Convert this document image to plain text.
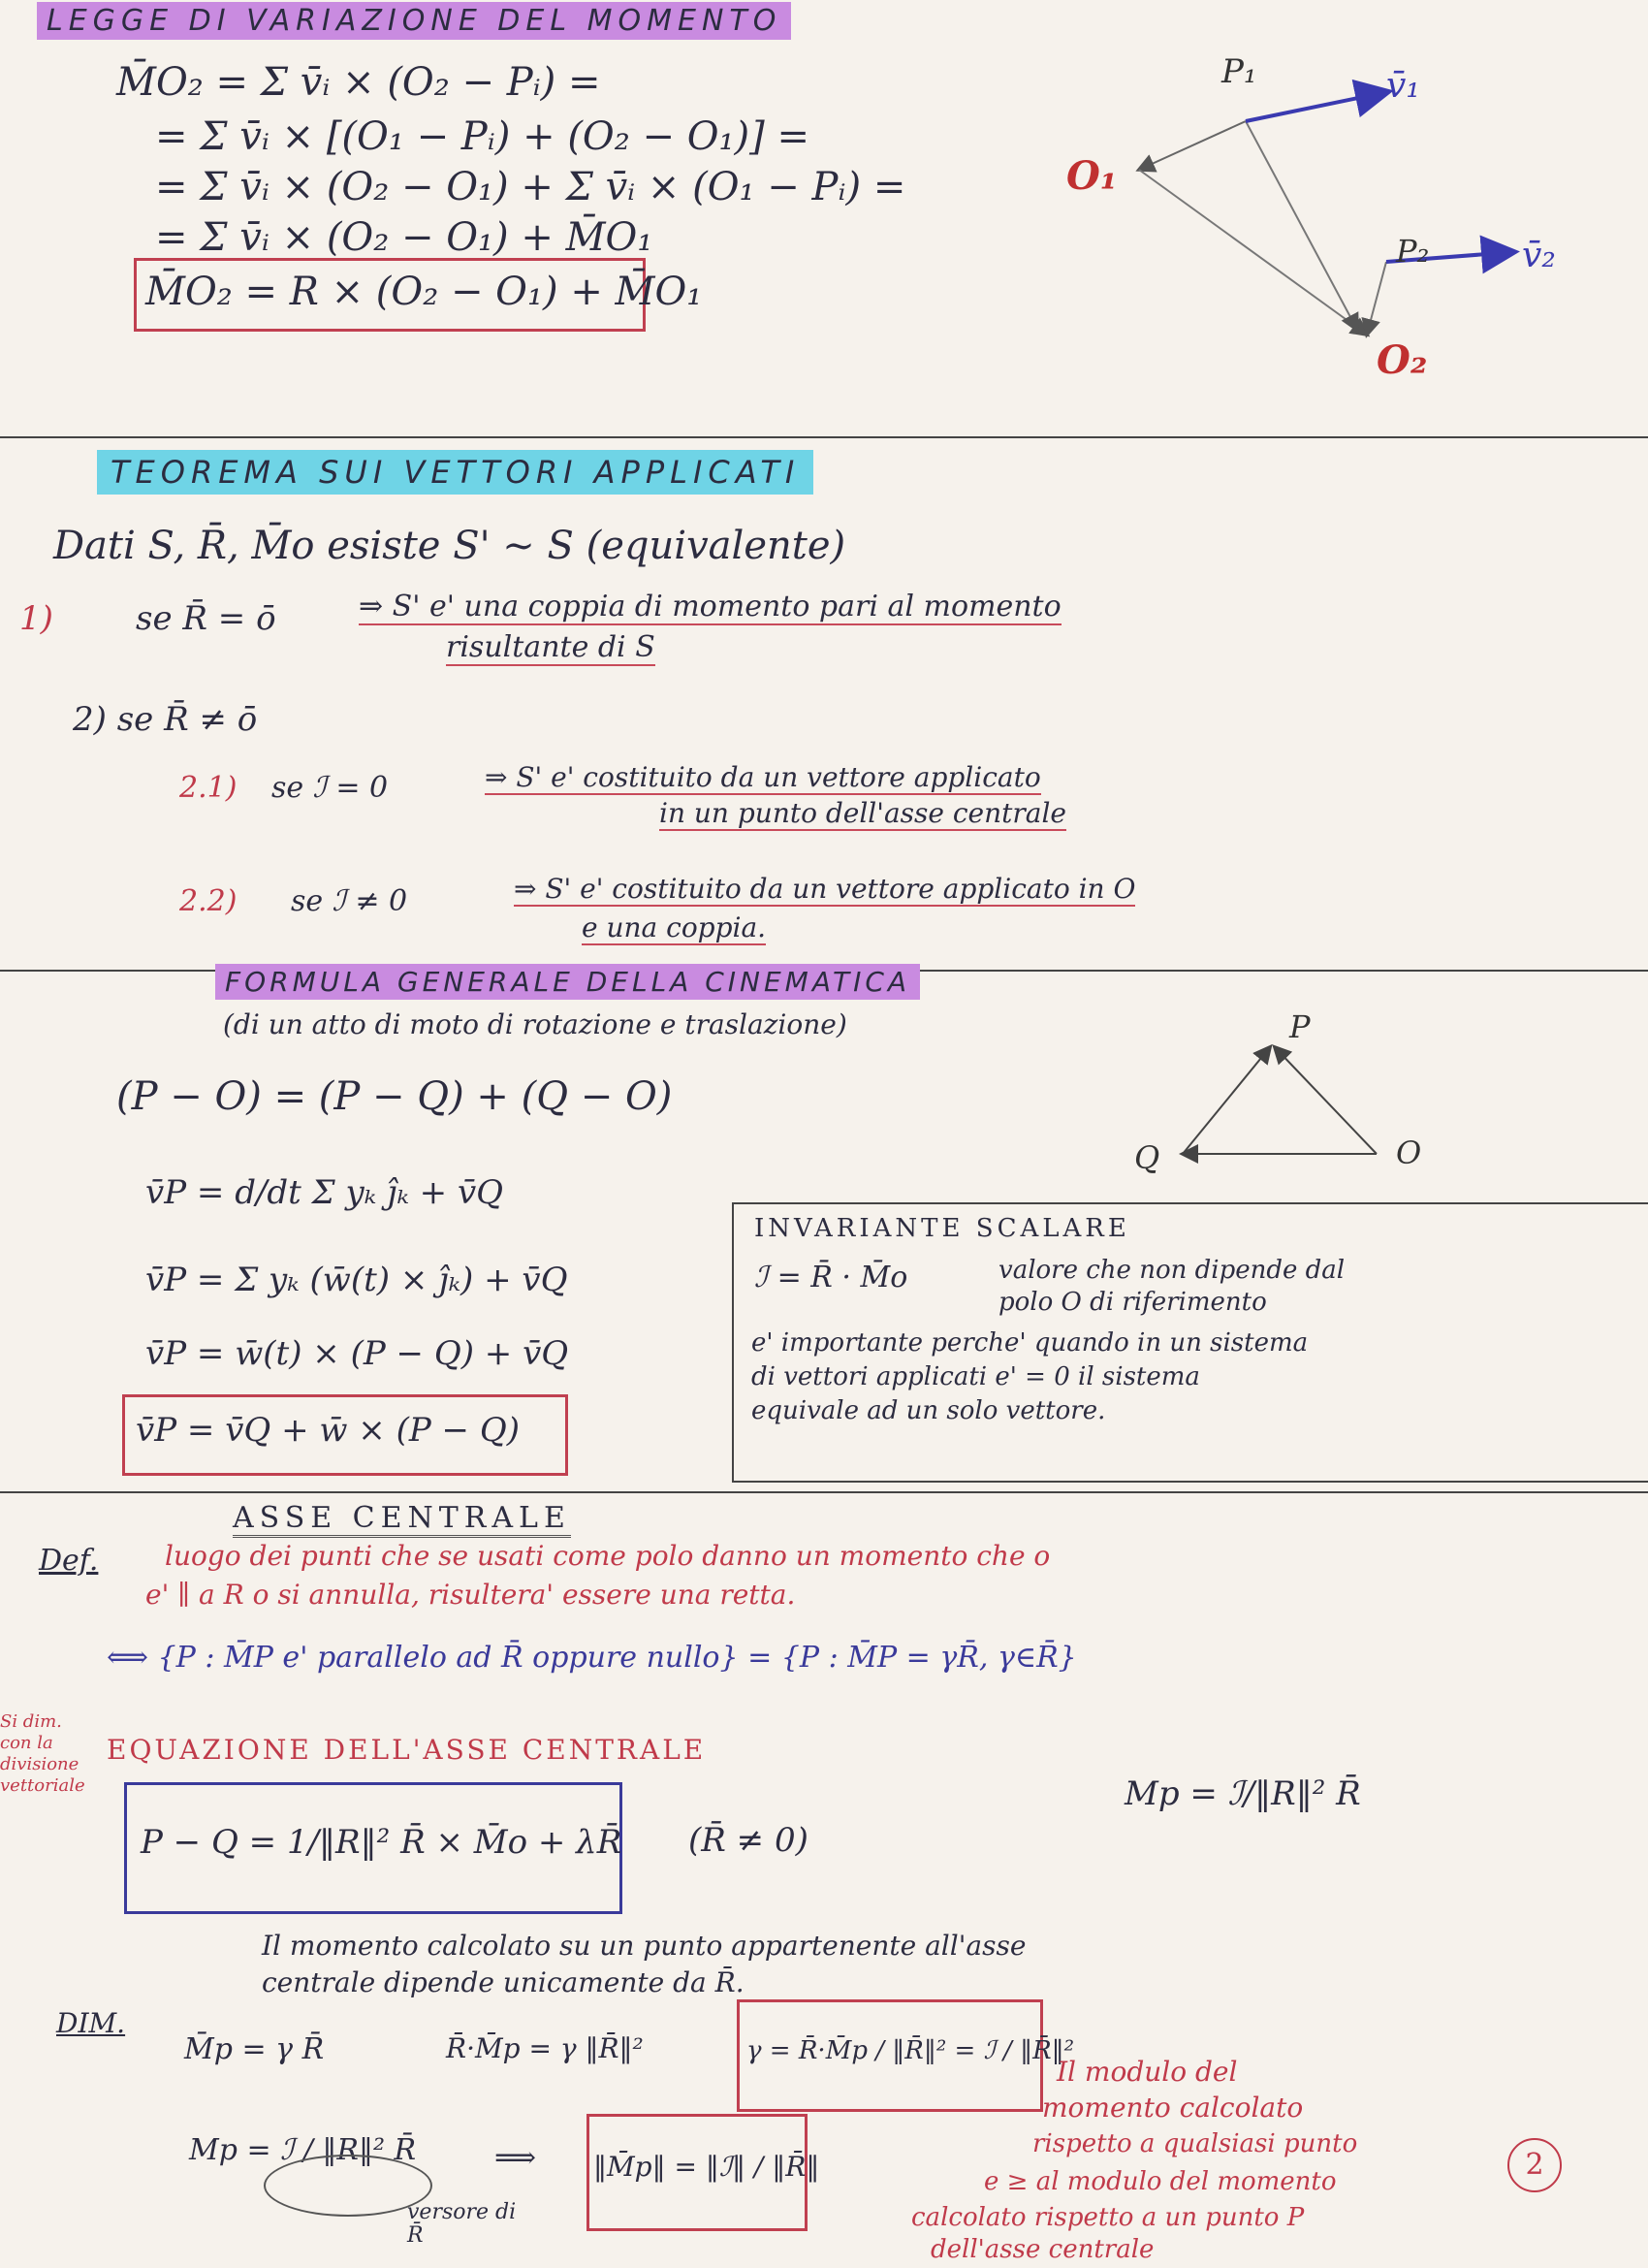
LEGGE DI VARIAZIONE DEL MOMENTO
M̄O₂ = Σ v̄ᵢ × (O₂ − Pᵢ) =
= Σ v̄ᵢ × [(O₁ − Pᵢ) + (O₂ − O₁)] =
= Σ v̄ᵢ × (O₂ − O₁) + Σ v̄ᵢ × (O₁ − Pᵢ) =
= Σ v̄ᵢ × (O₂ − O₁) + M̄O₁
M̄O₂ = R × (O₂ − O₁) + M̄O₁
P₁	v̄₁
P₂	v̄₂
O₁
O₂
TEOREMA SUI VETTORI APPLICATI
Dati S, R̄, M̄o esiste S' ∼ S (equivalente)
1)	se R̄ = ō	⇒ S' e' una coppia di momento pari al momento
risultante di S
2) se R̄ ≠ ō
2.1) se ℐ = 0	⇒ S' e' costituito da un vettore applicato
in un punto dell'asse centrale
2.2) se ℐ ≠ 0	⇒ S' e' costituito da un vettore applicato in O
e una coppia.
FORMULA GENERALE DELLA CINEMATICA
(di un atto di moto di rotazione e traslazione)
(P − O) = (P − Q) + (Q − O)
v̄P = d/dt Σ yₖ ĵₖ + v̄Q
v̄P = Σ yₖ (w̄(t) × ĵₖ) + v̄Q
v̄P = w̄(t) × (P − Q) + v̄Q
v̄P = v̄Q + w̄ × (P − Q)
P
Q	O
INVARIANTE SCALARE
ℐ = R̄ · M̄o	valore che non dipende dal
polo O di riferimento
e' importante perche' quando in un sistema
di vettori applicati e' = 0 il sistema
equivale ad un solo vettore.
ASSE CENTRALE
Def. luogo dei punti che se usati come polo danno un momento che o
e' ∥ a R o si annulla, risultera' essere una retta.
⟺ {P : M̄P e' parallelo ad R̄ oppure nullo} = {P : M̄P = γR̄, γ∈R̄}
Si dim. con la divisione vettoriale
EQUAZIONE DELL'ASSE CENTRALE
P − Q = 1/‖R‖² R̄ × M̄o + λR̄ (R̄ ≠ 0)
Mp = ℐ/‖R‖² R̄
Il momento calcolato su un punto appartenente all'asse
centrale dipende unicamente da R̄.
DIM.
M̄p = γ R̄	R̄·M̄p = γ ‖R̄‖²	γ = R̄·M̄p / ‖R̄‖² = ℐ / ‖R̄‖²
Mp = ℐ / ‖R‖² R̄
versore di R̄
⟹ ‖M̄p‖ = ‖ℐ‖ / ‖R̄‖
Il modulo del
momento calcolato
rispetto a qualsiasi punto
e ≥ al modulo del momento
calcolato rispetto a un punto P
dell'asse centrale
2
